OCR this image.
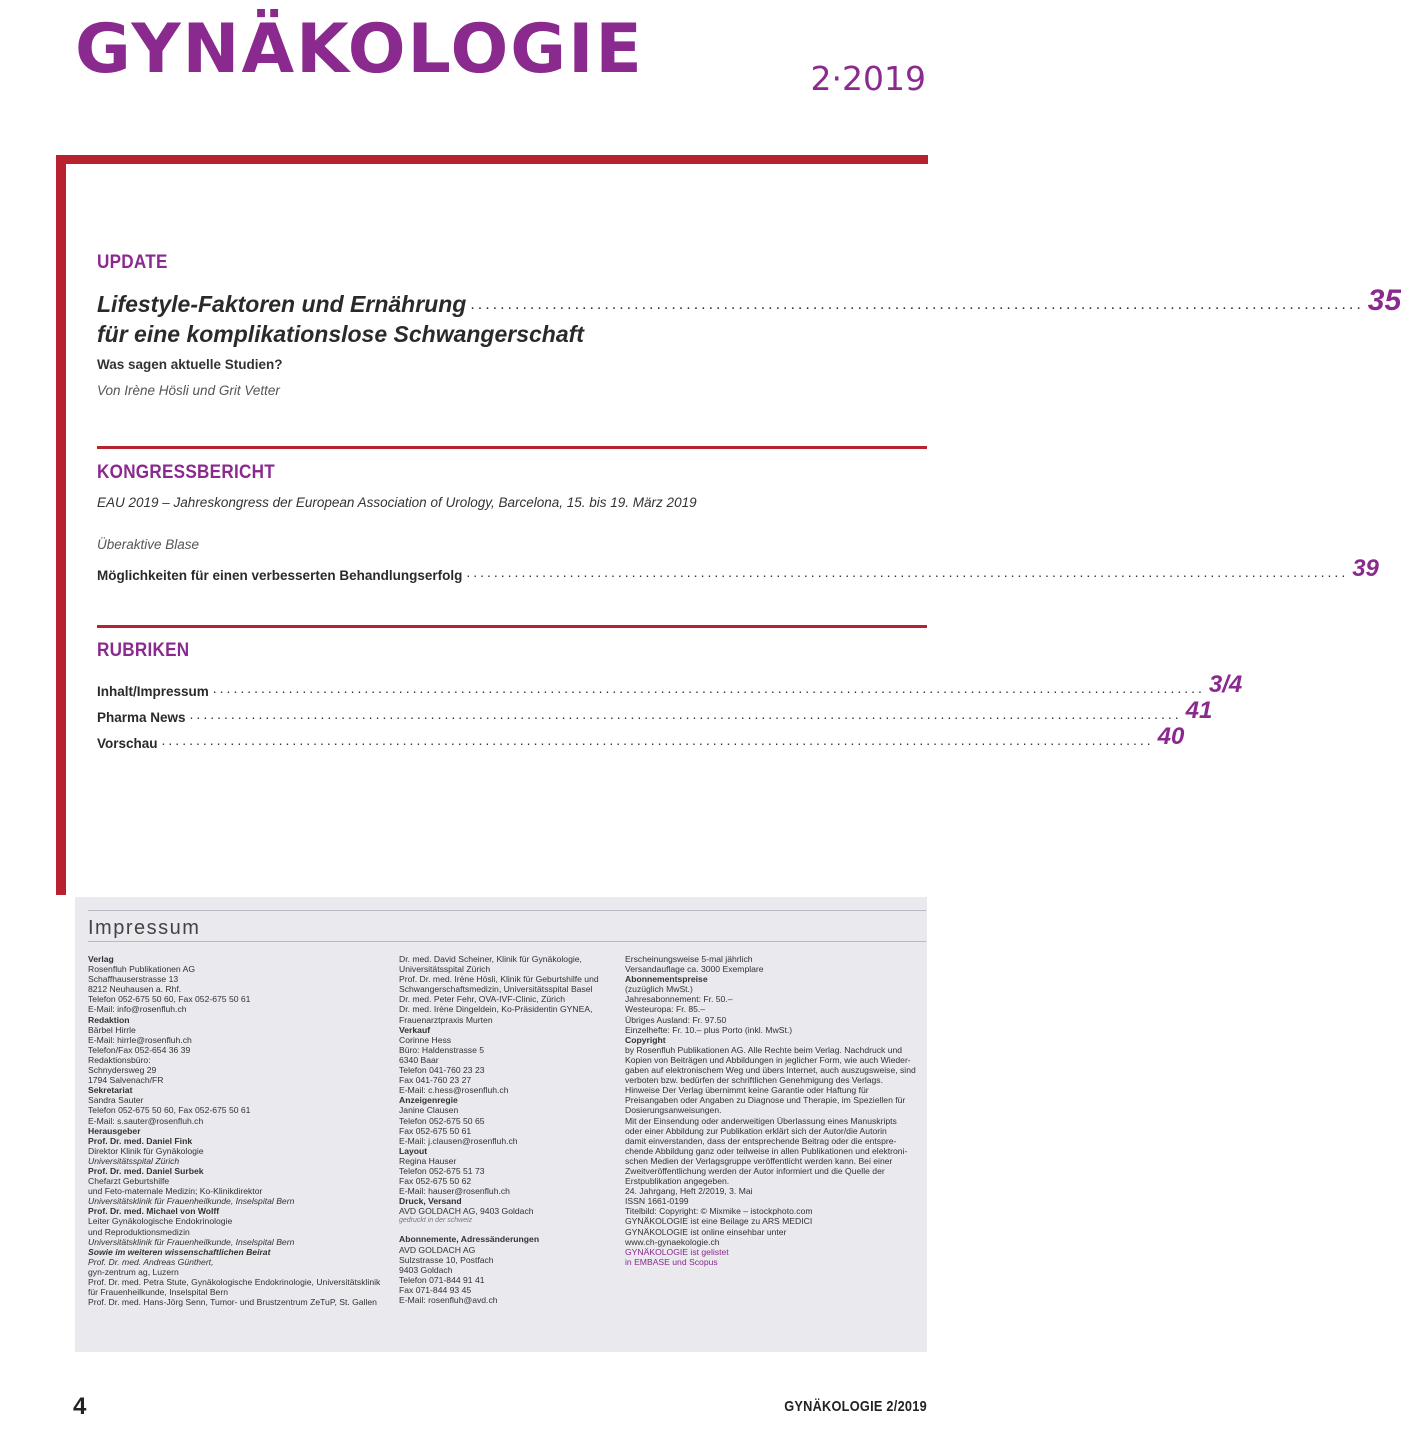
GYNÄKOLOGIE	2·2019
UPDATE
Lifestyle-Faktoren und Ernährung ........................................................................................................................ 35
für eine komplikationslose Schwangerschaft
Was sagen aktuelle Studien?
Von Irène Hösli und Grit Vetter
KONGRESSBERICHT
EAU 2019 – Jahreskongress der European Association of Urology, Barcelona, 15. bis 19. März 2019
Überaktive Blase
Möglichkeiten für einen verbesserten Behandlungserfolg ................................................................................................................................ 39
RUBRIKEN
Inhalt/Impressum ................................................................................................................................................ 3/4
Pharma News ................................................................................................................................................ 41
Vorschau ................................................................................................................................................ 40
Impressum
Verlag
Rosenfluh Publikationen AG
Schaffhauserstrasse 13
8212 Neuhausen a. Rhf.
Telefon 052-675 50 60, Fax 052-675 50 61
E-Mail: info@rosenfluh.ch
Redaktion
Bärbel Hirrle
E-Mail: hirrle@rosenfluh.ch
Telefon/Fax 052-654 36 39
Redaktionsbüro:
Schnydersweg 29
1794 Salvenach/FR
Sekretariat
Sandra Sauter
Telefon 052-675 50 60, Fax 052-675 50 61
E-Mail: s.sauter@rosenfluh.ch
Herausgeber
Prof. Dr. med. Daniel Fink
Direktor Klinik für Gynäkologie
Universitätsspital Zürich
Prof. Dr. med. Daniel Surbek
Chefarzt Geburtshilfe
und Feto-maternale Medizin; Ko-Klinikdirektor
Universitätsklinik für Frauenheilkunde, Inselspital Bern
Prof. Dr. med. Michael von Wolff
Leiter Gynäkologische Endokrinologie
und Reproduktionsmedizin
Universitätsklinik für Frauenheilkunde, Inselspital Bern
Sowie im weiteren wissenschaftlichen Beirat
Prof. Dr. med. Andreas Günthert,
gyn-zentrum ag, Luzern
Prof. Dr. med. Petra Stute, Gynäkologische Endokrinologie, Universitätsklinik
für Frauenheilkunde, Inselspital Bern
Prof. Dr. med. Hans-Jörg Senn, Tumor- und Brustzentrum ZeTuP, St. Gallen
Dr. med. David Scheiner, Klinik für Gynäkologie,
Universitätsspital Zürich
Prof. Dr. med. Irène Hösli, Klinik für Geburtshilfe und
Schwangerschaftsmedizin, Universitätsspital Basel
Dr. med. Peter Fehr, OVA-IVF-Clinic, Zürich
Dr. med. Irène Dingeldein, Ko-Präsidentin GYNEA,
Frauenarztpraxis Murten
Verkauf
Corinne Hess
Büro: Haldenstrasse 5
6340 Baar
Telefon 041-760 23 23
Fax 041-760 23 27
E-Mail: c.hess@rosenfluh.ch
Anzeigenregie
Janine Clausen
Telefon 052-675 50 65
Fax 052-675 50 61
E-Mail: j.clausen@rosenfluh.ch
Layout
Regina Hauser
Telefon 052-675 51 73
Fax 052-675 50 62
E-Mail: hauser@rosenfluh.ch
Druck, Versand
AVD GOLDACH AG, 9403 Goldach
gedruckt in der schweiz
Abonnemente, Adressänderungen
AVD GOLDACH AG
Sulzstrasse 10, Postfach
9403 Goldach
Telefon 071-844 91 41
Fax 071-844 93 45
E-Mail: rosenfluh@avd.ch
Erscheinungsweise 5-mal jährlich
Versandauflage ca. 3000 Exemplare
Abonnementspreise
(zuzüglich MwSt.)
Jahresabonnement: Fr. 50.–
Westeuropa: Fr. 85.–
Übriges Ausland: Fr. 97.50
Einzelhefte: Fr. 10.– plus Porto (inkl. MwSt.)
Copyright
by Rosenfluh Publikationen AG. Alle Rechte beim Verlag. Nachdruck und
Kopien von Beiträgen und Abbildungen in jeglicher Form, wie auch Wieder-
gaben auf elektronischem Weg und übers Internet, auch auszugsweise, sind
verboten bzw. bedürfen der schriftlichen Genehmigung des Verlags.
Hinweise Der Verlag übernimmt keine Garantie oder Haftung für
Preisangaben oder Angaben zu Diagnose und Therapie, im Speziellen für
Dosierungsanweisungen.
Mit der Einsendung oder anderweitigen Überlassung eines Manuskripts
oder einer Abbildung zur Publikation erklärt sich der Autor/die Autorin
damit einverstanden, dass der entsprechende Beitrag oder die entspre-
chende Abbildung ganz oder teilweise in allen Publikationen und elektroni-
schen Medien der Verlagsgruppe veröffentlicht werden kann. Bei einer
Zweitveröffentlichung werden der Autor informiert und die Quelle der
Erstpublikation angegeben.
24. Jahrgang, Heft 2/2019, 3. Mai
ISSN 1661-0199
Titelbild: Copyright: © Mixmike – istockphoto.com
GYNÄKOLOGIE ist eine Beilage zu ARS MEDICI
GYNÄKOLOGIE ist online einsehbar unter
www.ch-gynaekologie.ch
GYNÄKOLOGIE ist gelistet
in EMBASE und Scopus
4	GYNÄKOLOGIE 2/2019
